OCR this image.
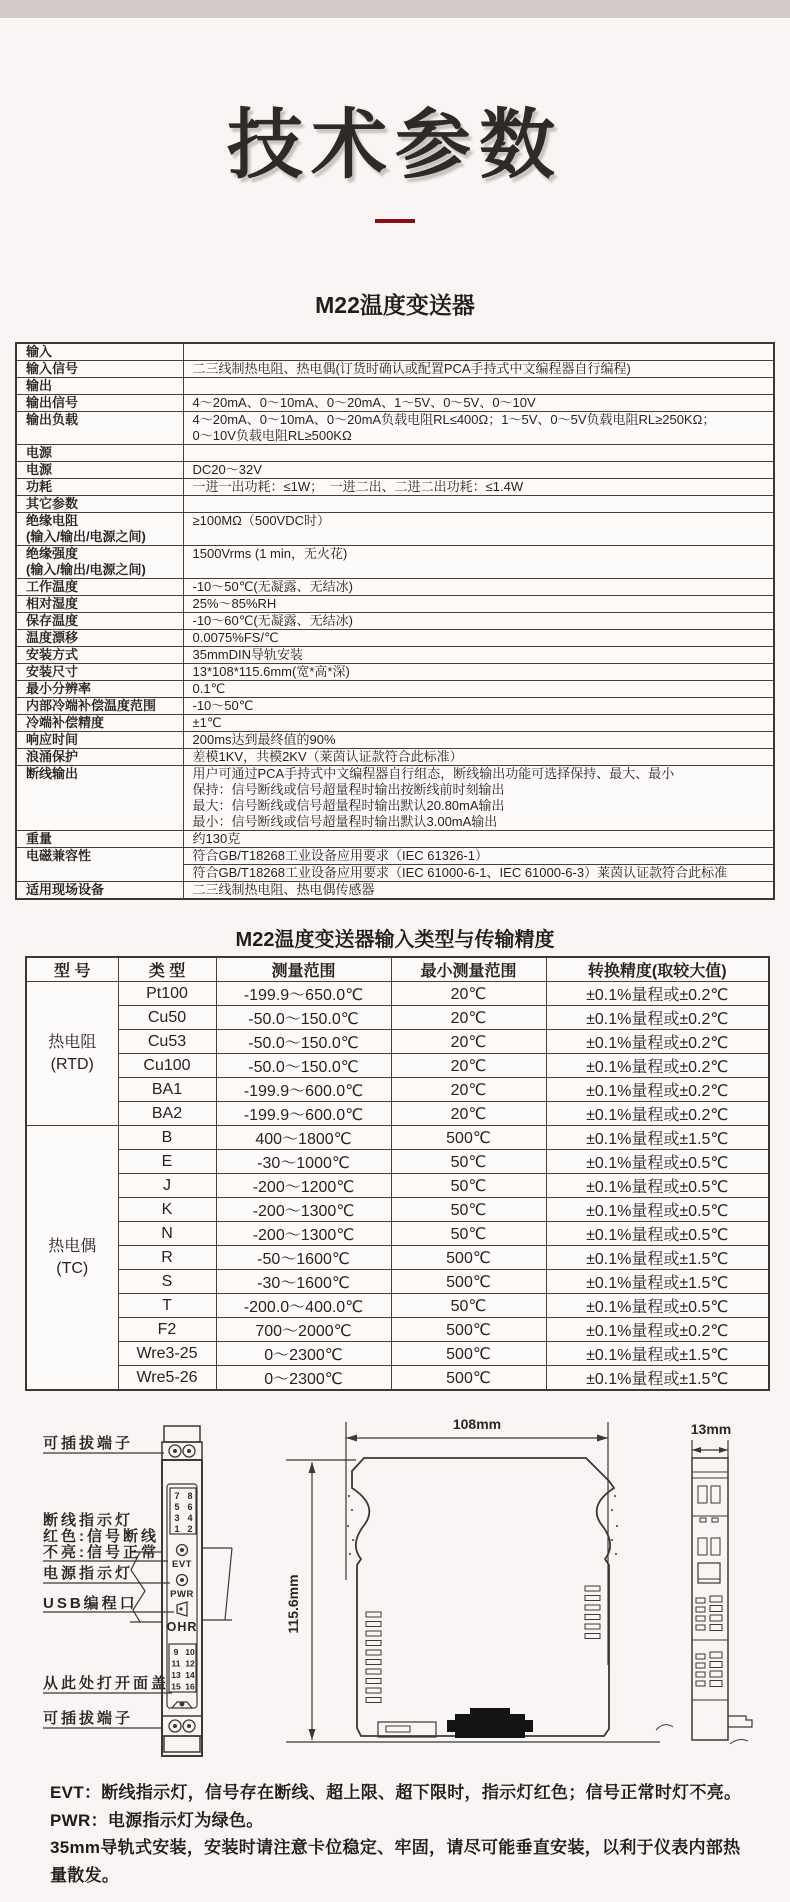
技术参数
M22温度变送器
输入	
输入信号	二三线制热电阻、热电偶(订货时确认或配置PCA手持式中文编程器自行编程)
输出	
输出信号	4～20mA、0～10mA、0～20mA、1～5V、0～5V、0～10V
输出负载	4～20mA、0～10mA、0～20mA负载电阻RL≤400Ω；1～5V、0～5V负载电阻RL≥250KΩ；
0～10V负载电阻RL≥500KΩ

电源	
电源	DC20～32V
功耗	一进一出功耗：≤1W；　一进二出、二进二出功耗：≤1.4W
其它参数	

绝缘电阻
(输入/输出/电源之间)	≥100MΩ（500VDC时）

绝缘强度
(输入/输出/电源之间)	1500Vrms (1 min，无火花)
工作温度	-10～50℃(无凝露、无结冰)
相对湿度	25%～85%RH
保存温度	-10～60℃(无凝露、无结冰)
温度漂移	0.0075%FS/℃
安装方式	35mmDIN导轨安装
安装尺寸	13*108*115.6mm(宽*高*深)
最小分辨率	0.1℃
内部冷端补偿温度范围	-10～50℃
冷端补偿精度	±1℃
响应时间	200ms达到最终值的90%
浪涌保护	差模1KV，共模2KV（莱茵认证款符合此标准）
断线输出	用户可通过PCA手持式中文编程器自行组态，断线输出功能可选择保持、最大、最小
保持：信号断线或信号超量程时输出按断线前时刻输出
最大：信号断线或信号超量程时输出默认20.80mA输出
最小：信号断线或信号超量程时输出默认3.00mA输出

重量	约130克
电磁兼容性	符合GB/T18268工业设备应用要求（IEC 61326-1）
	符合GB/T18268工业设备应用要求（IEC 61000-6-1、IEC 61000-6-3）莱茵认证款符合此标准
适用现场设备	二三线制热电阻、热电偶传感器
M22温度变送器输入类型与传输精度
型 号	类 型	测量范围	最小测量范围	转换精度(取较大值)

热电阻
(RTD)	Pt100	-199.9～650.0℃	20℃	±0.1%量程或±0.2℃
	Cu50	-50.0～150.0℃	20℃	±0.1%量程或±0.2℃
	Cu53	-50.0～150.0℃	20℃	±0.1%量程或±0.2℃
	Cu100	-50.0～150.0℃	20℃	±0.1%量程或±0.2℃
	BA1	-199.9～600.0℃	20℃	±0.1%量程或±0.2℃
	BA2	-199.9～600.0℃	20℃	±0.1%量程或±0.2℃

热电偶
(TC)	B	400～1800℃	500℃	±0.1%量程或±1.5℃
	E	-30～1000℃	50℃	±0.1%量程或±0.5℃
	J	-200～1200℃	50℃	±0.1%量程或±0.5℃
	K	-200～1300℃	50℃	±0.1%量程或±0.5℃
	N	-200～1300℃	50℃	±0.1%量程或±0.5℃
	R	-50～1600℃	500℃	±0.1%量程或±1.5℃
	S	-30～1600℃	500℃	±0.1%量程或±1.5℃
	T	-200.0～400.0℃	50℃	±0.1%量程或±0.5℃
	F2	700～2000℃	500℃	±0.1%量程或±0.2℃
	Wre3-25	0～2300℃	500℃	±0.1%量程或±1.5℃
	Wre5-26	0～2300℃	500℃	±0.1%量程或±1.5℃
7 8
5 6
3 4
1 2
EVT
PWR
OHR
9 10
11 12
13 14
15 16
可插拔端子
断线指示灯
红色:信号断线
不亮:信号正常
电源指示灯
USB编程口
从此处打开面盖
可插拔端子
108mm
115.6mm
13mm
EVT：断线指示灯，信号存在断线、超上限、超下限时，指示灯红色；信号正常时灯不亮。
PWR：电源指示灯为绿色。
35mm导轨式安装，安装时请注意卡位稳定、牢固，请尽可能垂直安装，以利于仪表内部热量散发。
